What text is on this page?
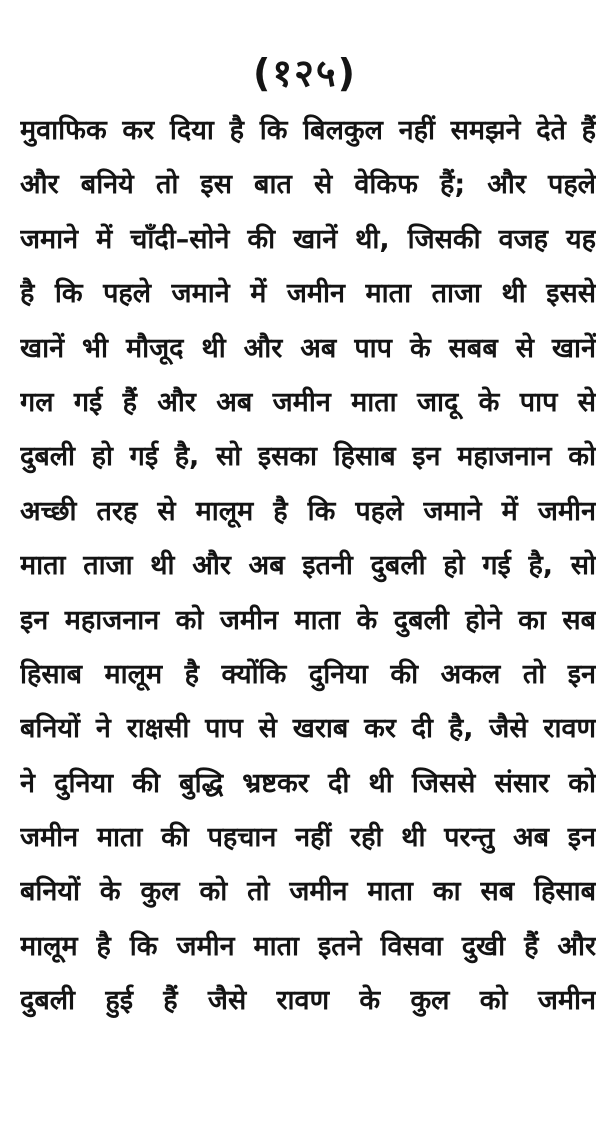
(१२५)
मुवाफिक कर दिया है कि बिलकुल नहीं समझने देते हैं
और बनिये तो इस बात से वेकिफ हैं; और पहले
जमाने में चाँदी–सोने की खानें थी, जिसकी वजह यह
है कि पहले जमाने में जमीन माता ताजा थी इससे
खानें भी मौजूद थी और अब पाप के सबब से खानें
गल गई हैं और अब जमीन माता जादू के पाप से
दुबली हो गई है, सो इसका हिसाब इन महाजनान को
अच्छी तरह से मालूम है कि पहले जमाने में जमीन
माता ताजा थी और अब इतनी दुबली हो गई है, सो
इन महाजनान को जमीन माता के दुबली होने का सब
हिसाब मालूम है क्योंकि दुनिया की अकल तो इन
बनियों ने राक्षसी पाप से खराब कर दी है, जैसे रावण
ने दुनिया की बुद्धि भ्रष्टकर दी थी जिससे संसार को
जमीन माता की पहचान नहीं रही थी परन्तु अब इन
बनियों के कुल को तो जमीन माता का सब हिसाब
मालूम है कि जमीन माता इतने विसवा दुखी हैं और
दुबली हुई हैं जैसे रावण के कुल को जमीन
